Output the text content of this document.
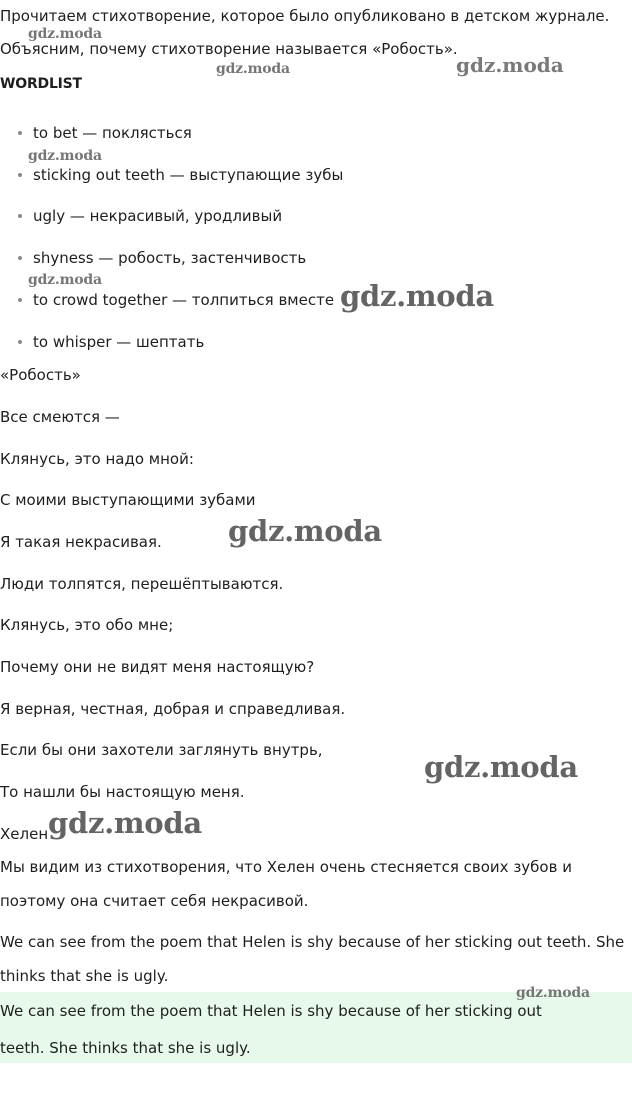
Прочитаем стихотворение, которое было опубликовано в детском журнале.
Объясним, почему стихотворение называется «Робость».
WORDLIST
to bet — поклясться
sticking out teeth — выступающие зубы
ugly — некрасивый, уродливый
shyness — робость, застенчивость
to crowd together — толпиться вместе
to whisper — шептать
«Робость»
Все смеются —
Клянусь, это надо мной:
С моими выступающими зубами
Я такая некрасивая.
Люди толпятся, перешёптываются.
Клянусь, это обо мне;
Почему они не видят меня настоящую?
Я верная, честная, добрая и справедливая.
Если бы они захотели заглянуть внутрь,
То нашли бы настоящую меня.
Хелен
Мы видим из стихотворения, что Хелен очень стесняется своих зубов и
поэтому она считает себя некрасивой.
We can see from the poem that Helen is shy because of her sticking out teeth. She
thinks that she is ugly.
We can see from the poem that Helen is shy because of her sticking out
teeth. She thinks that she is ugly.
gdz.moda
gdz.moda	gdz.moda
gdz.moda
gdz.moda	gdz.moda
gdz.moda
gdz.moda
gdz.moda
gdz.moda
